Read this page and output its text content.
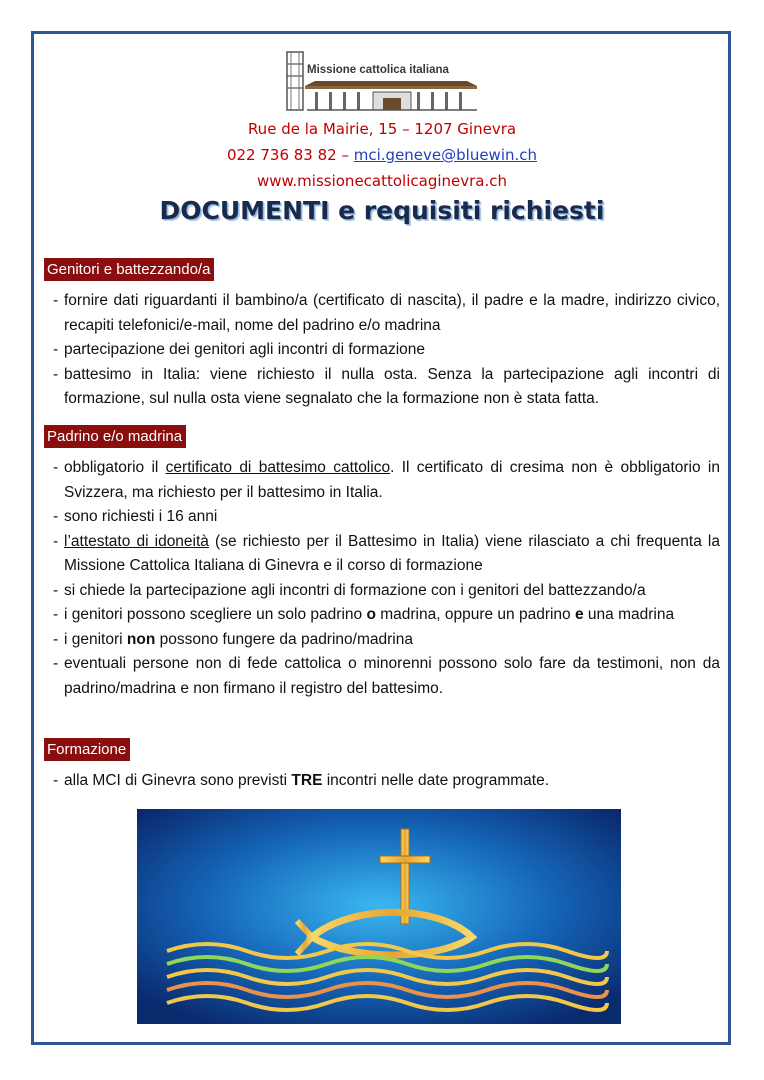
Missione cattolica italiana
Rue de la Mairie, 15 – 1207 Ginevra
022 736 83 82 – mci.geneve@bluewin.ch
www.missionecattolicaginevra.ch
DOCUMENTI e requisiti richiesti
Genitori e battezzando/a
- fornire dati riguardanti il bambino/a (certificato di nascita), il padre e la madre, indirizzo civico, recapiti telefonici/e-mail, nome del padrino e/o madrina
- partecipazione dei genitori agli incontri di formazione
- battesimo in Italia: viene richiesto il nulla osta. Senza la partecipazione agli incontri di formazione, sul nulla osta viene segnalato che la formazione non è stata fatta.
Padrino e/o madrina
- obbligatorio il certificato di battesimo cattolico. Il certificato di cresima non è obbligatorio in Svizzera, ma richiesto per il battesimo in Italia.
- sono richiesti i 16 anni
- l’attestato di idoneità (se richiesto per il Battesimo in Italia) viene rilasciato a chi frequenta la Missione Cattolica Italiana di Ginevra e il corso di formazione
- si chiede la partecipazione agli incontri di formazione con i genitori del battezzando/a
- i genitori possono scegliere un solo padrino o madrina, oppure un padrino e una madrina
- i genitori non possono fungere da padrino/madrina
- eventuali persone non di fede cattolica o minorenni possono solo fare da testimoni, non da padrino/madrina e non firmano il registro del battesimo.
Formazione
- alla MCI di Ginevra sono previsti TRE incontri nelle date programmate.
